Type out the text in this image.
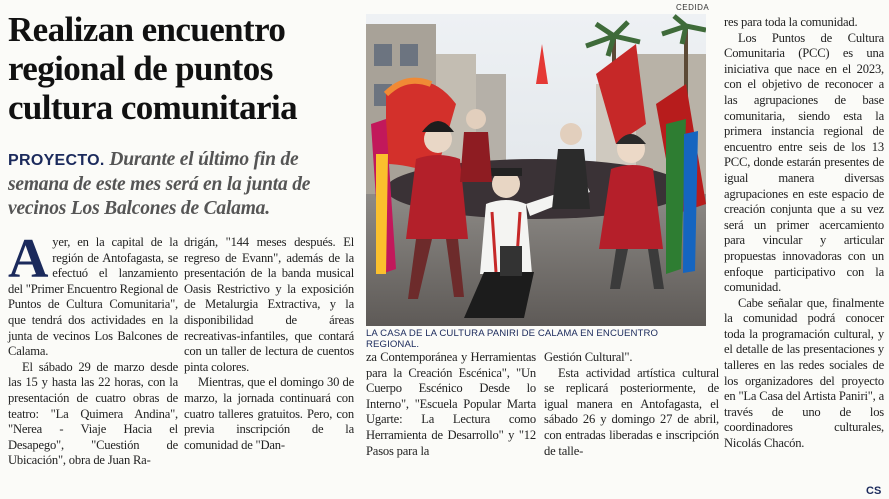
Realizan encuentro regional de puntos cultura comunitaria

PROYECTO. Durante el último fin de semana de este mes será en la junta de vecinos Los Balcones de Calama.

Ayer, en la capital de la región de Antofagasta, se efectuó el lanzamiento del "Primer Encuentro Regional de Puntos de Cultura Comunitaria", que tendrá dos actividades en la junta de vecinos Los Balcones de Calama.

El sábado 29 de marzo desde las 15 y hasta las 22 horas, con la presentación de cuatro obras de teatro: "La Quimera Andina", "Nerea - Viaje Hacia el Desapego", "Cuestión de Ubicación", obra de Juan Ra-

drigán, "144 meses después. El regreso de Evann", además de la presentación de la banda musical Oasis Restrictivo y la exposición de Metalurgia Extractiva, y la disponibilidad de áreas recreativas-infantiles, que contará con un taller de lectura de cuentos pinta colores.

Mientras, que el domingo 30 de marzo, la jornada continuará con cuatro talleres gratuitos. Pero, con previa inscripción de la comunidad de "Dan-

CEDIDA
LA CASA DE LA CULTURA PANIRI DE CALAMA EN ENCUENTRO REGIONAL.

za Contemporánea y Herramientas para la Creación Escénica", "Un Cuerpo Escénico Desde lo Interno", "Escuela Popular Marta Ugarte: La Lectura como Herramienta de Desarrollo" y "12 Pasos para la

Gestión Cultural".

Esta actividad artística cultural se replicará posteriormente, de igual manera en Antofagasta, el sábado 26 y domingo 27 de abril, con entradas liberadas e inscripción de talle-

res para toda la comunidad.

Los Puntos de Cultura Comunitaria (PCC) es una iniciativa que nace en el 2023, con el objetivo de reconocer a las agrupaciones de base comunitaria, siendo esta la primera instancia regional de encuentro entre seis de los 13 PCC, donde estarán presentes de igual manera diversas agrupaciones en este espacio de creación conjunta que a su vez será un primer acercamiento para vincular y articular propuestas innovadoras con un enfoque participativo con la comunidad.

Cabe señalar que, finalmente la comunidad podrá conocer toda la programación cultural, y el detalle de las presentaciones y talleres en las redes sociales de los organizadores del proyecto en "La Casa del Artista Paniri", a través de uno de los coordinadores culturales, Nicolás Chacón.

CS
